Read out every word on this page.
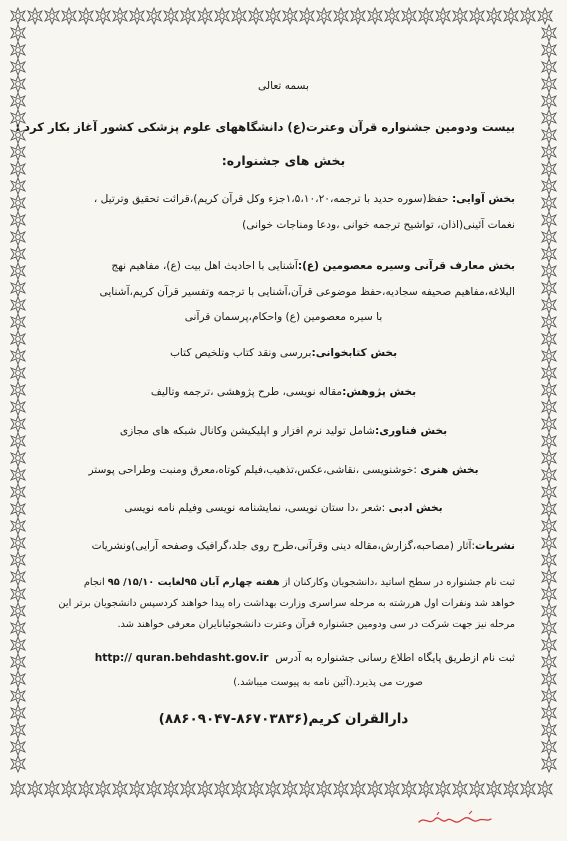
بسمه تعالی
بیست ودومین جشنواره قرآن وعترت(ع) دانشگاههای علوم پزشکی کشور آغاز بکار کرد :
بخش های جشنواره:
بخش آوایی: حفظ(سوره حدید با ترجمه،۱،۵،۱۰،۲۰جزء وکل قرآن کریم)،قرائت تحقیق وترتیل ،
نغمات آئینی(اذان، تواشیح ترجمه خوانی ،ودعا ومناجات خوانی)
بخش معارف قرآنی وسیره معصومین (ع):آشنایی با احادیث اهل بیت (ع)، مفاهیم نهج
البلاغه،مفاهیم صحیفه سجادیه،حفظ موضوعی قرآن،آشنایی با ترجمه وتفسیر قرآن کریم،آشنایی
با سیره معصومین (ع) واحکام،پرسمان قرآنی
بخش کتابخوانی:بررسی ونقد کتاب وتلخیص کتاب
بخش پژوهش:مقاله نویسی، طرح پژوهشی ،ترجمه وتالیف
بخش فناوری:شامل تولید نرم افزار و اپلیکیشن وکانال شبکه های مجازی
بخش هنری :خوشنویسی ،نقاشی،عکس،تذهیب،فیلم کوتاه،معرق ومنبت وطراحی پوستر
بخش ادبی :شعر ،دا ستان نویسی، نمایشنامه نویسی وفیلم نامه نویسی
نشریات:آثار (مصاحبه،گزارش،مقاله دینی وقرآنی،طرح روی جلد،گرافیک وصفحه آرایی)ونشریات
ثبت نام جشنواره در سطح اساتید ،دانشجویان وکارکنان از هفته چهارم آبان ۹۵لغایت ۱۵/۱۰/ ۹۵ انجام
خواهد شد ونفرات اول هررشته به مرحله سراسری وزارت بهداشت راه پیدا خواهند کردسپس دانشجویان برتر این
مرحله نیز جهت شرکت در سی ودومین جشنواره قرآن وعترت دانشجوئیانایران معرفی خواهند شد.
ثبت نام ازطریق پایگاه اطلاع رسانی جشنواره به آدرس  http:// quran.behdasht.gov.ir
صورت می پذیرد.(آئین نامه به پیوست میباشد.)
دارالقران کریم(۸۶۷۰۳۸۳۶-۸۸۶۰۹۰۴۷)
